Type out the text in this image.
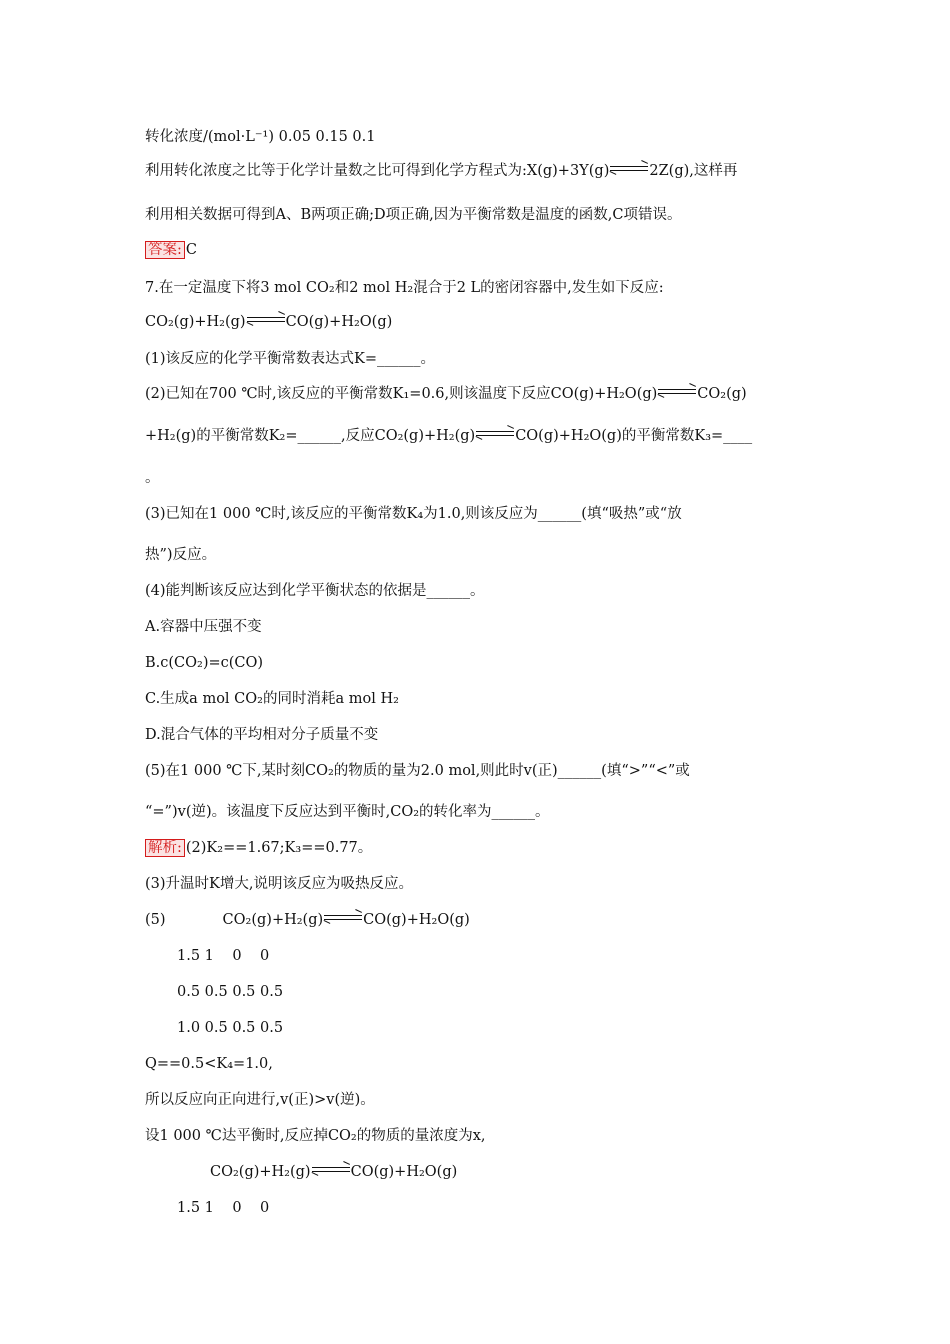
转化浓度/(mol·L⁻¹) 0.05 0.15 0.1
利用转化浓度之比等于化学计量数之比可得到化学方程式为:X(g)+3Y(g)	2Z(g),这样再
利用相关数据可得到A、B两项正确;D项正确,因为平衡常数是温度的函数,C项错误。
答案: C
7.在一定温度下将3 mol CO₂和2 mol H₂混合于2 L的密闭容器中,发生如下反应:
CO₂(g)+H₂(g)	CO(g)+H₂O(g)
(1)该反应的化学平衡常数表达式K=______。
(2)已知在700 ℃时,该反应的平衡常数K₁=0.6,则该温度下反应CO(g)+H₂O(g)	CO₂(g)
+H₂(g)的平衡常数K₂=______,反应CO₂(g)+H₂(g)	CO(g)+H₂O(g)的平衡常数K₃=____
。
(3)已知在1 000 ℃时,该反应的平衡常数K₄为1.0,则该反应为______(填“吸热”或“放
热”)反应。
(4)能判断该反应达到化学平衡状态的依据是______。
A.容器中压强不变
B.c(CO₂)=c(CO)
C.生成a mol CO₂的同时消耗a mol H₂
D.混合气体的平均相对分子质量不变
(5)在1 000 ℃下,某时刻CO₂的物质的量为2.0 mol,则此时v(正)______(填“>”“<”或
“=”)v(逆)。该温度下反应达到平衡时,CO₂的转化率为______。
解析: (2)K₂==1.67;K₃==0.77。
(3)升温时K增大,说明该反应为吸热反应。
(5)	CO₂(g)+H₂(g)	CO(g)+H₂O(g)
1.5 1    0    0
0.5 0.5 0.5 0.5
1.0 0.5 0.5 0.5
Q==0.5<K₄=1.0,
所以反应向正向进行,v(正)>v(逆)。
设1 000 ℃达平衡时,反应掉CO₂的物质的量浓度为x,
CO₂(g)+H₂(g)	CO(g)+H₂O(g)
1.5 1    0    0
